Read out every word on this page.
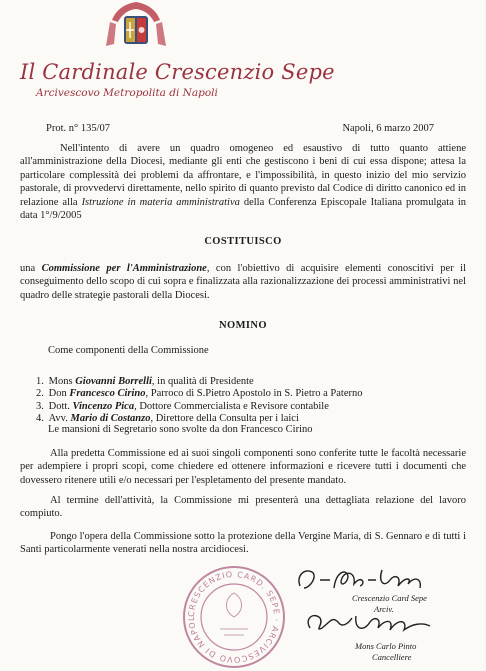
Il Cardinale Crescenzio Sepe
Arcivescovo Metropolita di Napoli
Prot. n° 135/07	Napoli, 6 marzo 2007

Nell'intento di avere un quadro omogeneo ed esaustivo di tutto quanto attiene all'amministrazione della Diocesi, mediante gli enti che gestiscono i beni di cui essa dispone; attesa la particolare complessità dei problemi da affrontare, e l'impossibilità, in questo inizio del mio servizio pastorale, di provvedervi direttamente, nello spirito di quanto previsto dal Codice di diritto canonico ed in relazione alla Istruzione in materia amministrativa della Conferenza Episcopale Italiana promulgata in data 1°/9/2005

COSTITUISCO

una Commissione per l'Amministrazione, con l'obiettivo di acquisire elementi conoscitivi per il conseguimento dello scopo di cui sopra e finalizzata alla razionalizzazione dei processi amministrativi nel quadro delle strategie pastorali della Diocesi.

NOMINO
Come componenti della Commissione
1. Mons Giovanni Borrelli, in qualità di Presidente
2. Don Francesco Cirino, Parroco di S.Pietro Apostolo in S. Pietro a Paterno
3. Dott. Vincenzo Pica, Dottore Commercialista e Revisore contabile
4. Avv. Mario di Costanzo, Direttore della Consulta per i laici
Le mansioni di Segretario sono svolte da don Francesco Cirino

Alla predetta Commissione ed ai suoi singoli componenti sono conferite tutte le facoltà necessarie per adempiere i propri scopi, come chiedere ed ottenere informazioni e ricevere tutti i documenti che dovessero ritenere utili e/o necessari per l'espletamento del presente mandato.

Al termine dell'attività, la Commissione mi presenterà una dettagliata relazione del lavoro compiuto.

Pongo l'opera della Commissione sotto la protezione della Vergine Maria, di S. Gennaro e di tutti i Santi particolarmente venerati nella nostra arcidiocesi.

CRESCENZIO CARD. SEPE · ARCIVESCOVO DI NAPOL
Crescenzio Card Sepe
Arciv.
Mons Carlo Pinto
Cancelliere
